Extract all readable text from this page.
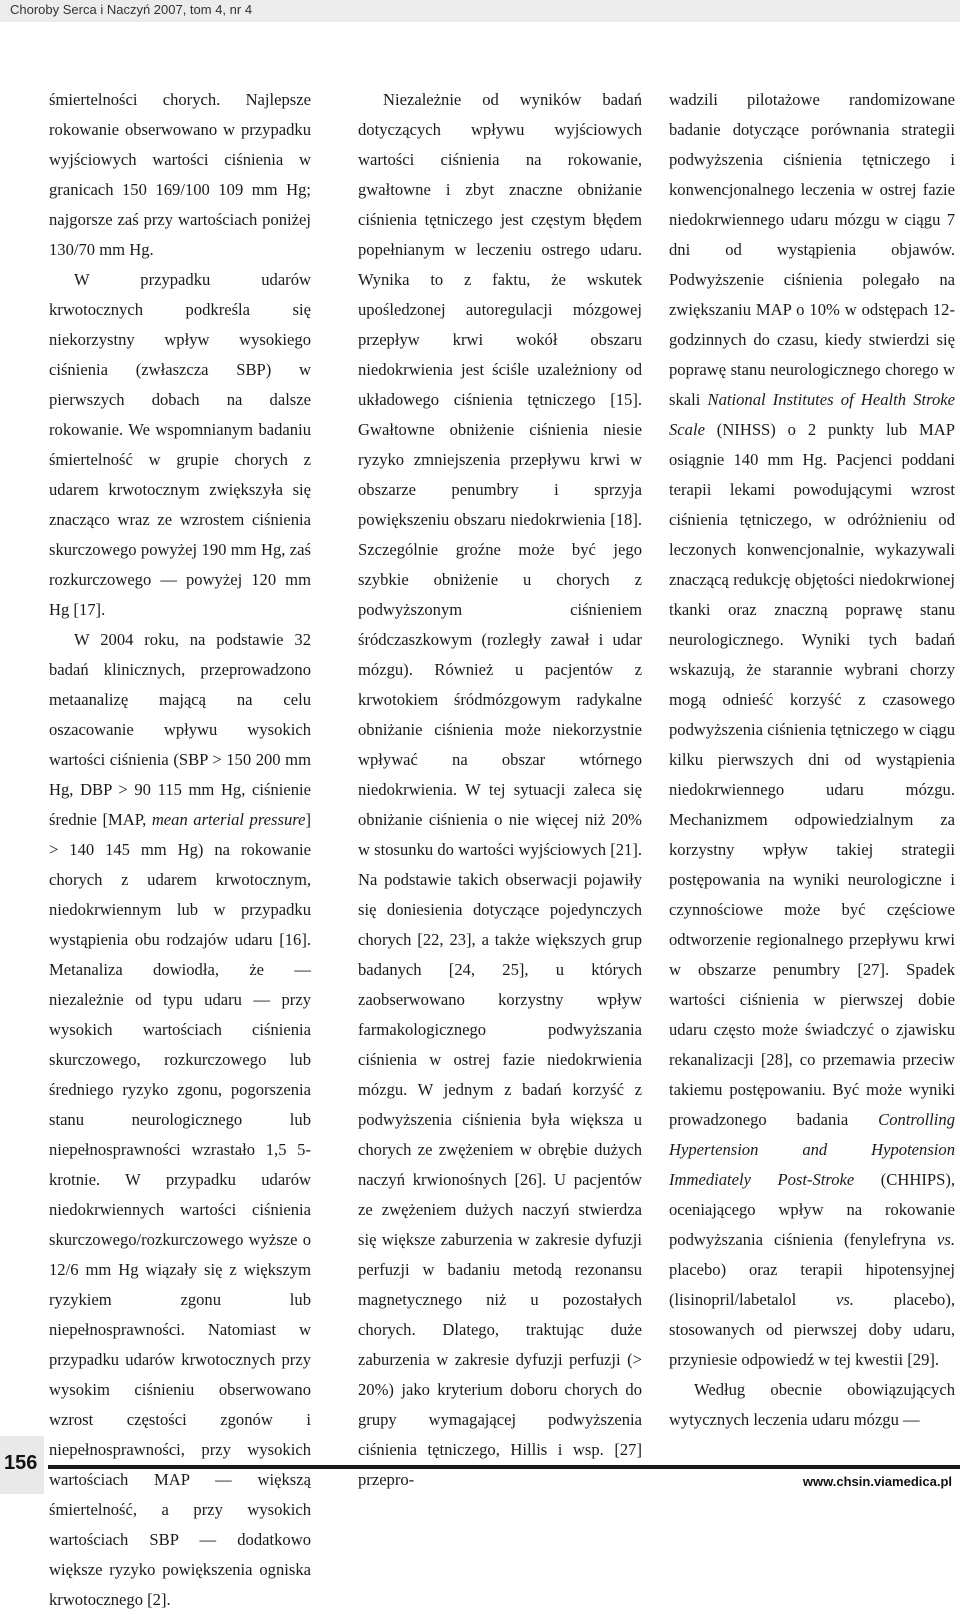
Choroby Serca i Naczyń 2007, tom 4, nr 4

śmiertelności chorych. Najlepsze rokowanie obserwowano w przypadku wyjściowych wartości ciśnienia w granicach 150 169/100 109 mm Hg; najgorsze zaś przy wartościach poniżej 130/70 mm Hg.

W przypadku udarów krwotocznych podkreśla się niekorzystny wpływ wysokiego ciśnienia (zwłaszcza SBP) w pierwszych dobach na dalsze rokowanie. We wspomnianym badaniu śmiertelność w grupie chorych z udarem krwotocznym zwiększyła się znacząco wraz ze wzrostem ciśnienia skurczowego powyżej 190 mm Hg, zaś rozkurczowego — powyżej 120 mm Hg [17].

W 2004 roku, na podstawie 32 badań klinicznych, przeprowadzono metaanalizę mającą na celu oszacowanie wpływu wysokich wartości ciśnienia (SBP > 150 200 mm Hg, DBP > 90 115 mm Hg, ciśnienie średnie [MAP, mean arterial pressure] > 140 145 mm Hg) na rokowanie chorych z udarem krwotocznym, niedokrwiennym lub w przypadku wystąpienia obu rodzajów udaru [16]. Metanaliza dowiodła, że — niezależnie od typu udaru — przy wysokich wartościach ciśnienia skurczowego, rozkurczowego lub średniego ryzyko zgonu, pogorszenia stanu neurologicznego lub niepełnosprawności wzrastało 1,5 5-krotnie. W przypadku udarów niedokrwiennych wartości ciśnienia skurczowego/rozkurczowego wyższe o 12/6 mm Hg wiązały się z większym ryzykiem zgonu lub niepełnosprawności. Natomiast w przypadku udarów krwotocznych przy wysokim ciśnieniu obserwowano wzrost częstości zgonów i niepełnosprawności, przy wysokich wartościach MAP — większą śmiertelność, a przy wysokich wartościach SBP — dodatkowo większe ryzyko powiększenia ogniska krwotocznego [2].

Niezależnie od wyników badań dotyczących wpływu wyjściowych wartości ciśnienia na rokowanie, gwałtowne i zbyt znaczne obniżanie ciśnienia tętniczego jest częstym błędem popełnianym w leczeniu ostrego udaru. Wynika to z faktu, że wskutek upośledzonej autoregulacji mózgowej przepływ krwi wokół obszaru niedokrwienia jest ściśle uzależniony od układowego ciśnienia tętniczego [15]. Gwałtowne obniżenie ciśnienia niesie ryzyko zmniejszenia przepływu krwi w obszarze penumbry i sprzyja powiększeniu obszaru niedokrwienia [18]. Szczególnie groźne może być jego szybkie obniżenie u chorych z podwyższonym ciśnieniem śródczaszkowym (rozległy zawał i udar mózgu). Również u pacjentów z krwotokiem śródmózgowym radykalne obniżanie ciśnienia może niekorzystnie wpływać na obszar wtórnego niedokrwienia. W tej sytuacji zaleca się obniżanie ciśnienia o nie więcej niż 20% w stosunku do wartości wyjściowych [21]. Na podstawie takich obserwacji pojawiły się doniesienia dotyczące pojedynczych chorych [22, 23], a także większych grup badanych [24, 25], u których zaobserwowano korzystny wpływ farmakologicznego podwyższania ciśnienia w ostrej fazie niedokrwienia mózgu. W jednym z badań korzyść z podwyższenia ciśnienia była większa u chorych ze zwężeniem w obrębie dużych naczyń krwionośnych [26]. U pacjentów ze zwężeniem dużych naczyń stwierdza się większe zaburzenia w zakresie dyfuzji perfuzji w badaniu metodą rezonansu magnetycznego niż u pozostałych chorych. Dlatego, traktując duże zaburzenia w zakresie dyfuzji perfuzji (> 20%) jako kryterium doboru chorych do grupy wymagającej podwyższenia ciśnienia tętniczego, Hillis i wsp. [27] przepro-

wadzili pilotażowe randomizowane badanie dotyczące porównania strategii podwyższenia ciśnienia tętniczego i konwencjonalnego leczenia w ostrej fazie niedokrwiennego udaru mózgu w ciągu 7 dni od wystąpienia objawów. Podwyższenie ciśnienia polegało na zwiększaniu MAP o 10% w odstępach 12-godzinnych do czasu, kiedy stwierdzi się poprawę stanu neurologicznego chorego w skali National Institutes of Health Stroke Scale (NIHSS) o 2 punkty lub MAP osiągnie 140 mm Hg. Pacjenci poddani terapii lekami powodującymi wzrost ciśnienia tętniczego, w odróżnieniu od leczonych konwencjonalnie, wykazywali znaczącą redukcję objętości niedokrwionej tkanki oraz znaczną poprawę stanu neurologicznego. Wyniki tych badań wskazują, że starannie wybrani chorzy mogą odnieść korzyść z czasowego podwyższenia ciśnienia tętniczego w ciągu kilku pierwszych dni od wystąpienia niedokrwiennego udaru mózgu. Mechanizmem odpowiedzialnym za korzystny wpływ takiej strategii postępowania na wyniki neurologiczne i czynnościowe może być częściowe odtworzenie regionalnego przepływu krwi w obszarze penumbry [27]. Spadek wartości ciśnienia w pierwszej dobie udaru często może świadczyć o zjawisku rekanalizacji [28], co przemawia przeciw takiemu postępowaniu. Być może wyniki prowadzonego badania Controlling Hypertension and Hypotension Immediately Post-Stroke (CHHIPS), oceniającego wpływ na rokowanie podwyższania ciśnienia (fenylefryna vs. placebo) oraz terapii hipotensyjnej (lisinopril/labetalol vs. placebo), stosowanych od pierwszej doby udaru, przyniesie odpowiedź w tej kwestii [29].

Według obecnie obowiązujących wytycznych leczenia udaru mózgu —

156
www.chsin.viamedica.pl
